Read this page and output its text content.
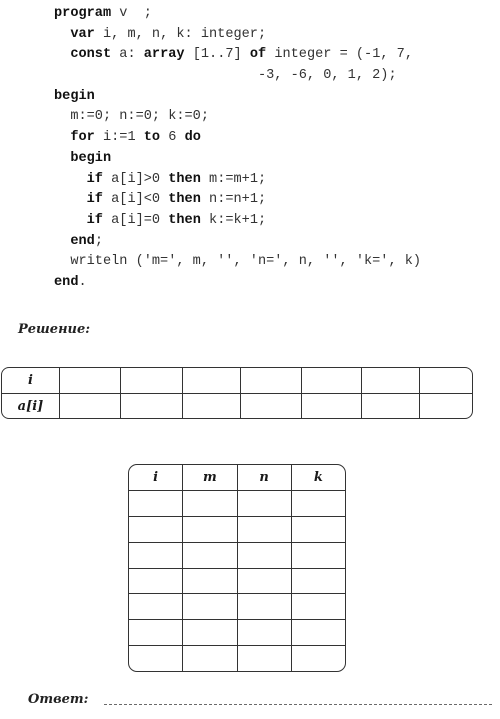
program v  ;
var i, m, n, k: integer;
const a: array [1..7] of integer = (-1, 7,
-3, -6, 0, 1, 2);
begin
m:=0; n:=0; k:=0;
for i:=1 to 6 do
begin
if a[i]>0 then m:=m+1;
if a[i]<0 then n:=n+1;
if a[i]=0 then k:=k+1;
end;
writeln ('m=', m, '', 'n=', n, '', 'k=', k)
end.
Решение:
i
a[i]
i	m	n	k
Ответ:
